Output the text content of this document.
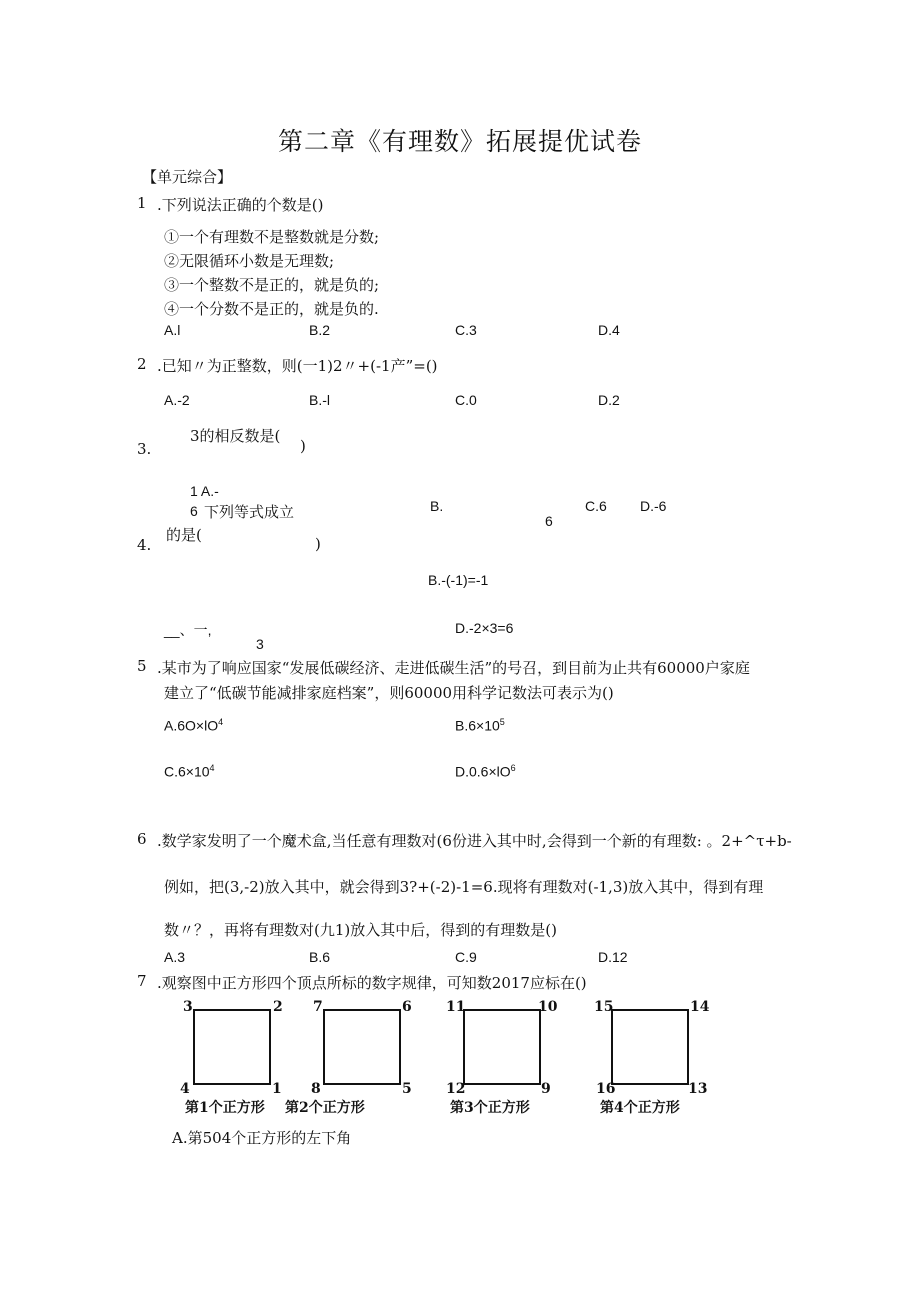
第二章《有理数》拓展提优试卷
【单元综合】
1 .下列说法正确的个数是()
①一个有理数不是整数就是分数;
②无限循环小数是无理数;
③一个整数不是正的，就是负的;
④一个分数不是正的，就是负的.
A.l	B.2	C.3	D.4
2 .已知〃为正整数，则(一1)2〃+(-1产”=()
A.-2	B.-l	C.0	D.2
3的相反数是(
)
3.
1 A.-
6	B.
6
C.6 D.-6
下列等式成立
的是(	)
4.
B.-(-1)=-1
__、一,
3
D.-2×3=6
5 .某市为了响应国家“发展低碳经济、走进低碳生活”的号召，到目前为止共有60000户家庭
建立了“低碳节能减排家庭档案”，则60000用科学记数法可表示为()
$A.6O\times lO^4$	$B.6\times 10^5$
$C.6\times 10^4$	$D.0.6\times lO^6$
6 .数学家发明了一个魔术盒,当任意有理数对(6份进入其中时,会得到一个新的有理数: 。2+^τ+b-
例如，把(3,-2)放入其中，就会得到3?+(-2)-1=6.现将有理数对(-1,3)放入其中，得到有理
数〃？，再将有理数对(九1)放入其中后，得到的有理数是()
A.3	B.6	C.9	D.12
7 .观察图中正方形四个顶点所标的数字规律，可知数2017应标在()
3	2
4	1
第1个正方形
7	6
8	5
第2个正方形
11	10
12	9
第3个正方形
15	14
16	13
第4个正方形
A.第504个正方形的左下角
